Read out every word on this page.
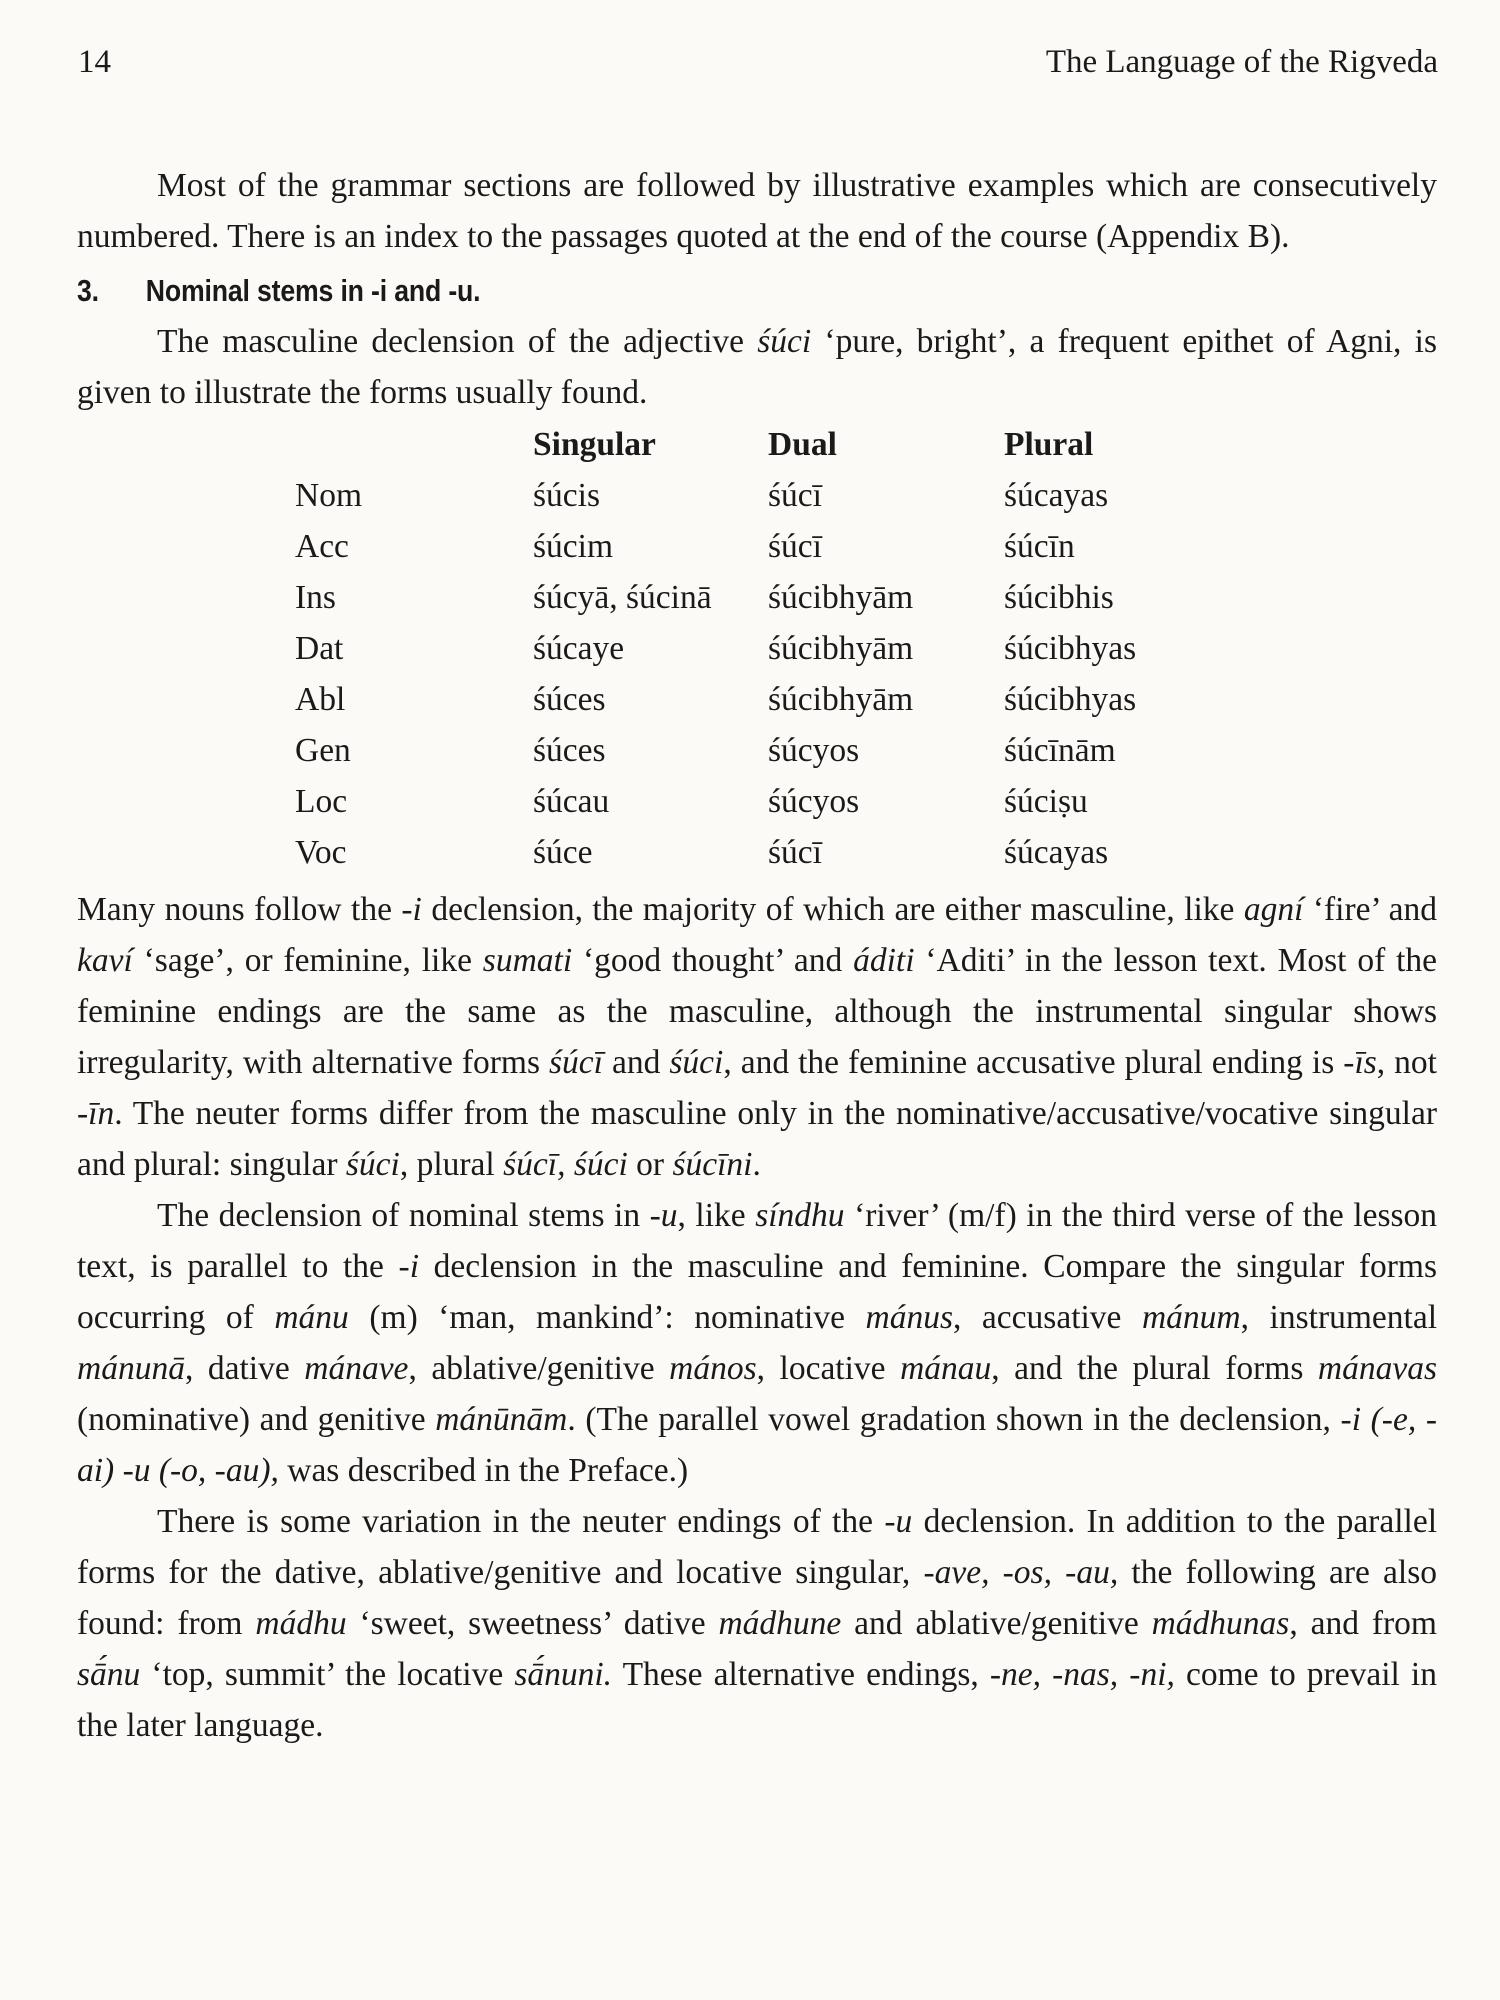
14	The Language of the Rigveda

Most of the grammar sections are followed by illustrative examples which are consecutively numbered. There is an index to the passages quoted at the end of the course (Appendix B).

3. Nominal stems in -i and -u.

The masculine declension of the adjective śúci ‘pure, bright’, a frequent epithet of Agni, is given to illustrate the forms usually found.

	Singular	Dual	Plural
Nom	śúcis	śúcī	śúcayas
Acc	śúcim	śúcī	śúcīn
Ins	śúcyā, śúcinā	śúcibhyām	śúcibhis
Dat	śúcaye	śúcibhyām	śúcibhyas
Abl	śúces	śúcibhyām	śúcibhyas
Gen	śúces	śúcyos	śúcīnām
Loc	śúcau	śúcyos	śúciṣu
Voc	śúce	śúcī	śúcayas

Many nouns follow the -i declension, the majority of which are either masculine, like agní ‘fire’ and kaví ‘sage’, or feminine, like sumati ‘good thought’ and áditi ‘Aditi’ in the lesson text. Most of the feminine endings are the same as the masculine, although the instrumental singular shows irregularity, with alternative forms śúcī and śúci, and the feminine accusative plural ending is -īs, not -īn. The neuter forms differ from the masculine only in the nominative/accusative/vocative singular and plural: singular śúci, plural śúcī, śúci or śúcīni.

The declension of nominal stems in -u, like síndhu ‘river’ (m/f) in the third verse of the lesson text, is parallel to the -i declension in the masculine and feminine. Compare the singular forms occurring of mánu (m) ‘man, mankind’: nominative mánus, accusative mánum, instrumental mánunā, dative mánave, ablative/genitive mános, locative mánau, and the plural forms mánavas (nominative) and genitive mánūnām. (The parallel vowel gradation shown in the declension, -i (-e, -ai) -u (-o, -au), was described in the Preface.)

There is some variation in the neuter endings of the -u declension. In addition to the parallel forms for the dative, ablative/genitive and locative singular, -ave, -os, -au, the following are also found: from mádhu ‘sweet, sweetness’ dative mádhune and ablative/genitive mádhunas, and from sā́nu ‘top, summit’ the locative sā́nuni. These alternative endings, -ne, -nas, -ni, come to prevail in the later language.
